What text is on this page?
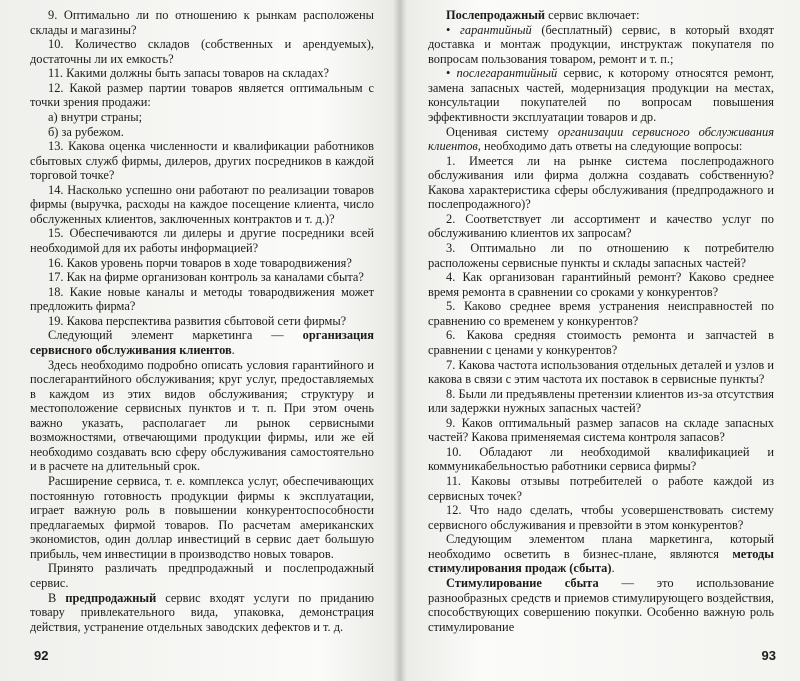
9. Оптимально ли по отношению к рынкам расположены склады и магазины?

10. Количество складов (собственных и арендуемых), достаточны ли их емкость?

11. Какими должны быть запасы товаров на складах?

12. Какой размер партии товаров является оптимальным с точки зрения продажи:

а) внутри страны;

б) за рубежом.

13. Какова оценка численности и квалификации работников сбытовых служб фирмы, дилеров, других посредников в каждой торговой точке?

14. Насколько успешно они работают по реализации товаров фирмы (выручка, расходы на каждое посещение клиента, число обслуженных клиентов, заключенных контрактов и т. д.)?

15. Обеспечиваются ли дилеры и другие посредники всей необходимой для их работы информацией?

16. Каков уровень порчи товаров в ходе товародвижения?

17. Как на фирме организован контроль за каналами сбыта?

18. Какие новые каналы и методы товародвижения может предложить фирма?

19. Какова перспектива развития сбытовой сети фирмы?

Следующий элемент маркетинга — организация сервисного обслуживания клиентов.

Здесь необходимо подробно описать условия гарантийного и послегарантийного обслуживания; круг услуг, предоставляемых в каждом из этих видов обслуживания; структуру и местоположение сервисных пунктов и т. п. При этом очень важно указать, располагает ли рынок сервисными возможностями, отвечающими продукции фирмы, или же ей необходимо создавать всю сферу обслуживания самостоятельно и в расчете на длительный срок.

Расширение сервиса, т. е. комплекса услуг, обеспечивающих постоянную готовность продукции фирмы к эксплуатации, играет важную роль в повышении конкурентоспособности предлагаемых фирмой товаров. По расчетам американских экономистов, один доллар инвестиций в сервис дает большую прибыль, чем инвестиции в производство новых товаров.

Принято различать предпродажный и послепродажный сервис.

В предпродажный сервис входят услуги по приданию товару привлекательного вида, упаковка, демонстрация действия, устранение отдельных заводских дефектов и т. д.

92

Послепродажный сервис включает:

• гарантийный (бесплатный) сервис, в который входят доставка и монтаж продукции, инструктаж покупателя по вопросам пользования товаром, ремонт и т. п.;

• послегарантийный сервис, к которому относятся ремонт, замена запасных частей, модернизация продукции на местах, консультации покупателей по вопросам повышения эффективности эксплуатации товаров и др.

Оценивая систему организации сервисного обслуживания клиентов, необходимо дать ответы на следующие вопросы:

1. Имеется ли на рынке система послепродажного обслуживания или фирма должна создавать собственную? Какова характеристика сферы обслуживания (предпродажного и послепродажного)?

2. Соответствует ли ассортимент и качество услуг по обслуживанию клиентов их запросам?

3. Оптимально ли по отношению к потребителю расположены сервисные пункты и склады запасных частей?

4. Как организован гарантийный ремонт? Каково среднее время ремонта в сравнении со сроками у конкурентов?

5. Каково среднее время устранения неисправностей по сравнению со временем у конкурентов?

6. Какова средняя стоимость ремонта и запчастей в сравнении с ценами у конкурентов?

7. Какова частота использования отдельных деталей и узлов и какова в связи с этим частота их поставок в сервисные пункты?

8. Были ли предъявлены претензии клиентов из-за отсутствия или задержки нужных запасных частей?

9. Каков оптимальный размер запасов на складе запасных частей? Какова применяемая система контроля запасов?

10. Обладают ли необходимой квалификацией и коммуникабельностью работники сервиса фирмы?

11. Каковы отзывы потребителей о работе каждой из сервисных точек?

12. Что надо сделать, чтобы усовершенствовать систему сервисного обслуживания и превзойти в этом конкурентов?

Следующим элементом плана маркетинга, который необходимо осветить в бизнес-плане, являются методы стимулирования продаж (сбыта).

Стимулирование сбыта — это использование разнообразных средств и приемов стимулирующего воздействия, способствующих совершению покупки. Особенно важную роль стимулирование

93
